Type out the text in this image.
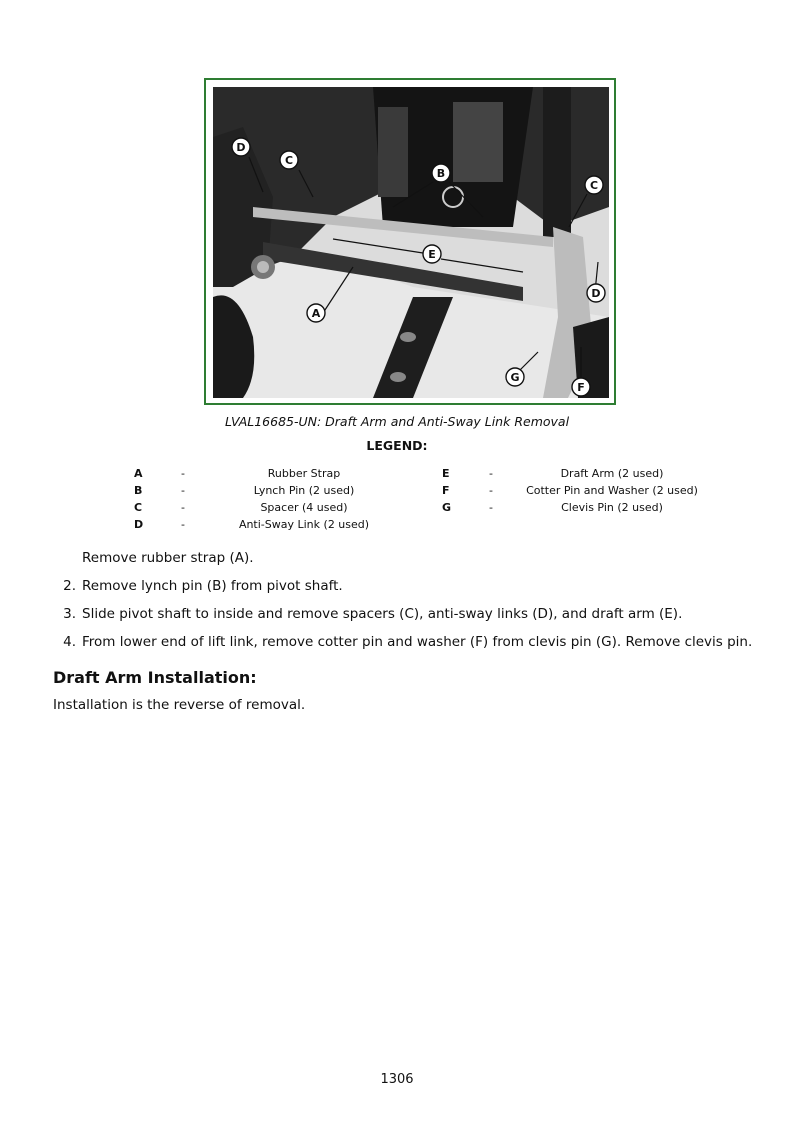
A
B
C
C
D
D
E
F
G
LVAL16685-UN: Draft Arm and Anti-Sway Link Removal
LEGEND:
A	-	Rubber Strap	E	-	Draft Arm (2 used)
B	-	Lynch Pin (2 used)	F	-	Cotter Pin and Washer (2 used)
C	-	Spacer (4 used)	G	-	Clevis Pin (2 used)
D	-	Anti-Sway Link (2 used)
Remove rubber strap (A).
2. Remove lynch pin (B) from pivot shaft.
3. Slide pivot shaft to inside and remove spacers (C), anti-sway links (D), and draft arm (E).
4. From lower end of lift link, remove cotter pin and washer (F) from clevis pin (G). Remove clevis pin.
Draft Arm Installation:
Installation is the reverse of removal.
1306
